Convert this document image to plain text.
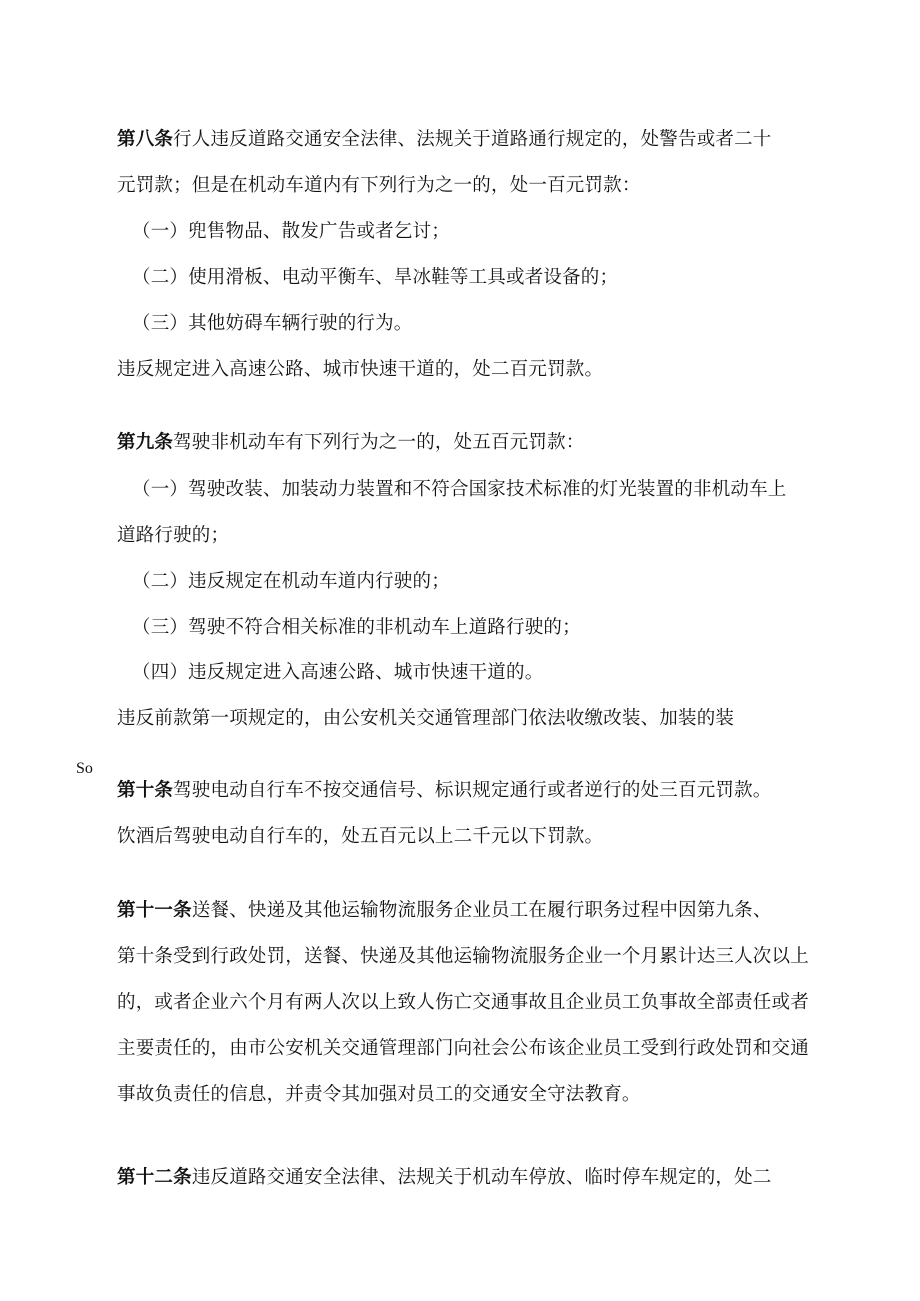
第八条行人违反道路交通安全法律、法规关于道路通行规定的，处警告或者二十
元罚款；但是在机动车道内有下列行为之一的，处一百元罚款：
（一）兜售物品、散发广告或者乞讨；
（二）使用滑板、电动平衡车、旱冰鞋等工具或者设备的；
（三）其他妨碍车辆行驶的行为。
违反规定进入高速公路、城市快速干道的，处二百元罚款。
第九条驾驶非机动车有下列行为之一的，处五百元罚款：
（一）驾驶改装、加装动力装置和不符合国家技术标准的灯光装置的非机动车上
道路行驶的；
（二）违反规定在机动车道内行驶的；
（三）驾驶不符合相关标准的非机动车上道路行驶的；
（四）违反规定进入高速公路、城市快速干道的。
违反前款第一项规定的，由公安机关交通管理部门依法收缴改装、加装的装
So
第十条驾驶电动自行车不按交通信号、标识规定通行或者逆行的处三百元罚款。
饮酒后驾驶电动自行车的，处五百元以上二千元以下罚款。
第十一条送餐、快递及其他运输物流服务企业员工在履行职务过程中因第九条、
第十条受到行政处罚，送餐、快递及其他运输物流服务企业一个月累计达三人次以上
的，或者企业六个月有两人次以上致人伤亡交通事故且企业员工负事故全部责任或者
主要责任的，由市公安机关交通管理部门向社会公布该企业员工受到行政处罚和交通
事故负责任的信息，并责令其加强对员工的交通安全守法教育。
第十二条违反道路交通安全法律、法规关于机动车停放、临时停车规定的，处二
